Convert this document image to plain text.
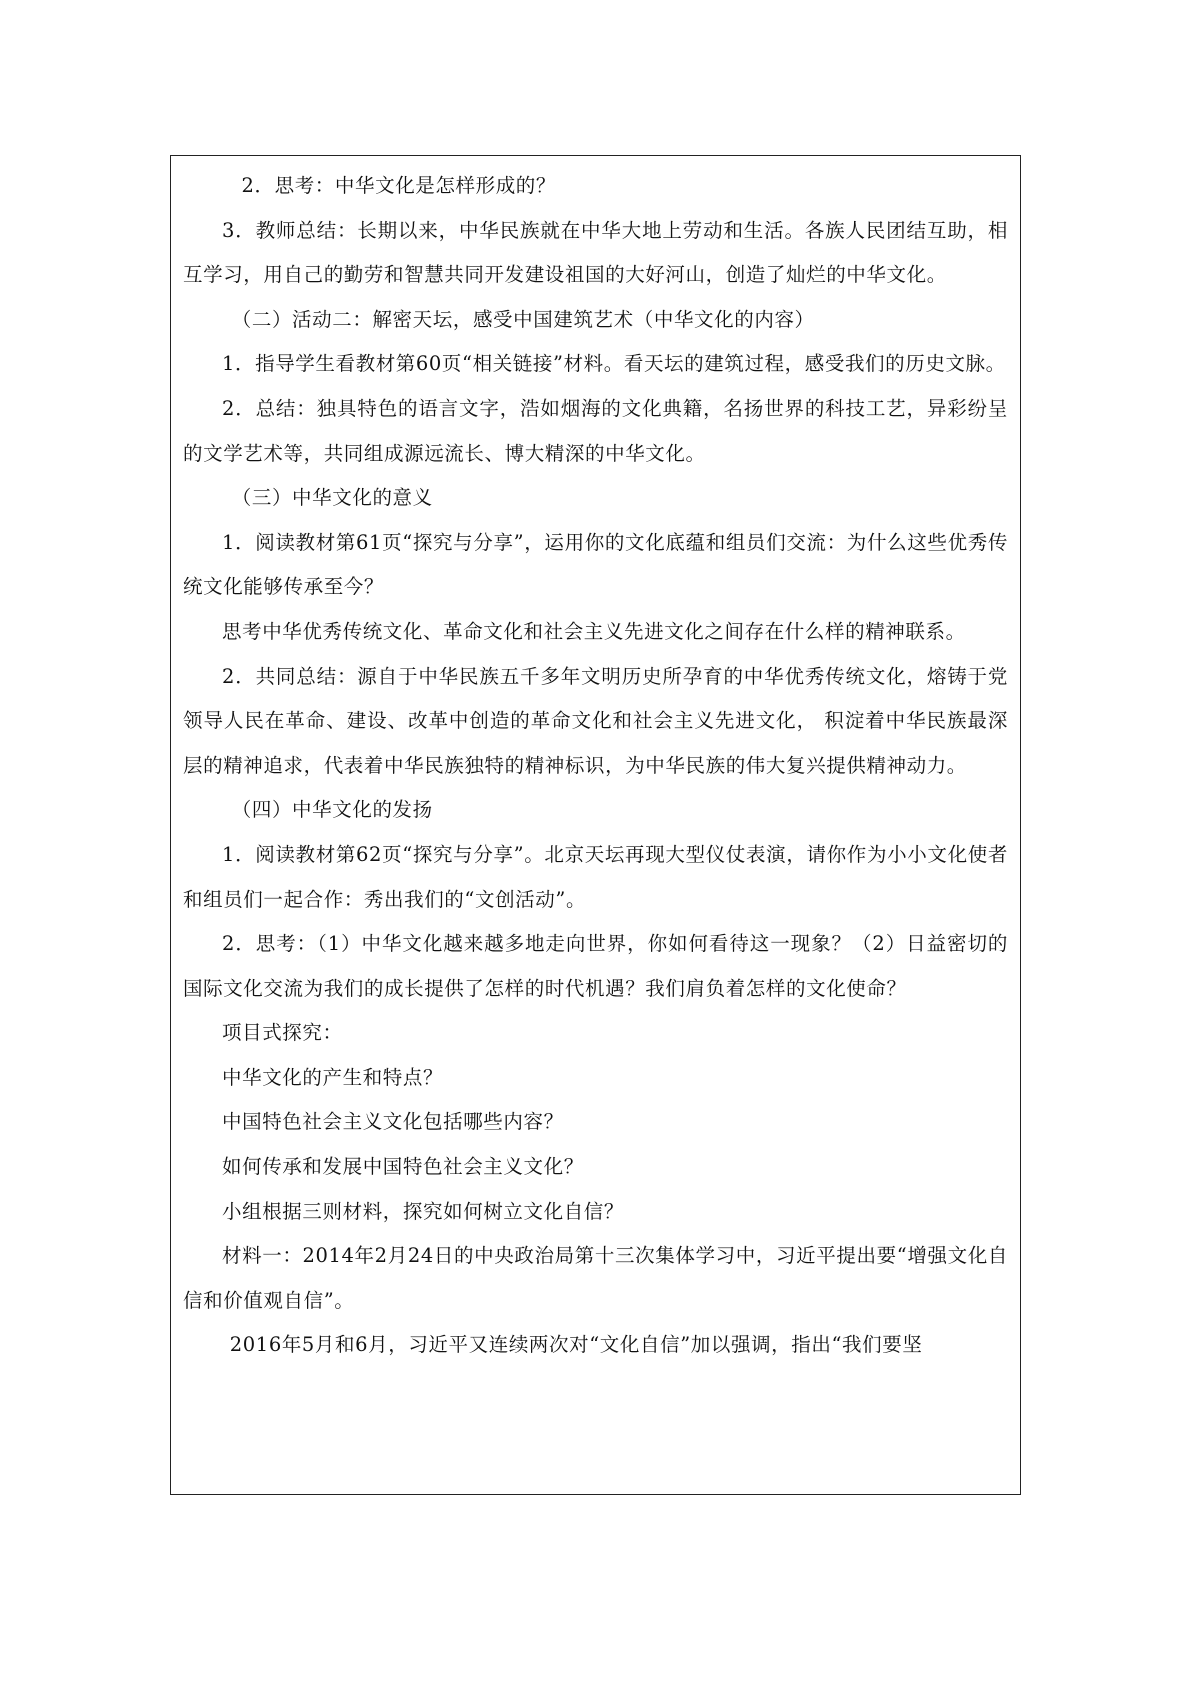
2．思考：中华文化是怎样形成的？

3．教师总结：长期以来，中华民族就在中华大地上劳动和生活。各族人民团结互助，相互学习，用自己的勤劳和智慧共同开发建设祖国的大好河山，创造了灿烂的中华文化。

（二）活动二：解密天坛，感受中国建筑艺术（中华文化的内容）

1．指导学生看教材第60页“相关链接”材料。看天坛的建筑过程，感受我们的历史文脉。

2．总结：独具特色的语言文字，浩如烟海的文化典籍，名扬世界的科技工艺，异彩纷呈的文学艺术等，共同组成源远流长、博大精深的中华文化。

（三）中华文化的意义

1．阅读教材第61页“探究与分享”，运用你的文化底蕴和组员们交流：为什么这些优秀传统文化能够传承至今？

思考中华优秀传统文化、革命文化和社会主义先进文化之间存在什么样的精神联系。

2．共同总结：源自于中华民族五千多年文明历史所孕育的中华优秀传统文化，熔铸于党领导人民在革命、建设、改革中创造的革命文化和社会主义先进文化， 积淀着中华民族最深层的精神追求，代表着中华民族独特的精神标识，为中华民族的伟大复兴提供精神动力。

（四）中华文化的发扬

1．阅读教材第62页“探究与分享”。北京天坛再现大型仪仗表演，请你作为小小文化使者和组员们一起合作：秀出我们的“文创活动”。

2．思考：（1）中华文化越来越多地走向世界，你如何看待这一现象？（2）日益密切的国际文化交流为我们的成长提供了怎样的时代机遇？我们肩负着怎样的文化使命？

项目式探究：

中华文化的产生和特点？

中国特色社会主义文化包括哪些内容？

如何传承和发展中国特色社会主义文化？

小组根据三则材料，探究如何树立文化自信？

材料一：2014年2月24日的中央政治局第十三次集体学习中，习近平提出要“增强文化自信和价值观自信”。

2016年5月和6月，习近平又连续两次对“文化自信”加以强调，指出“我们要坚
